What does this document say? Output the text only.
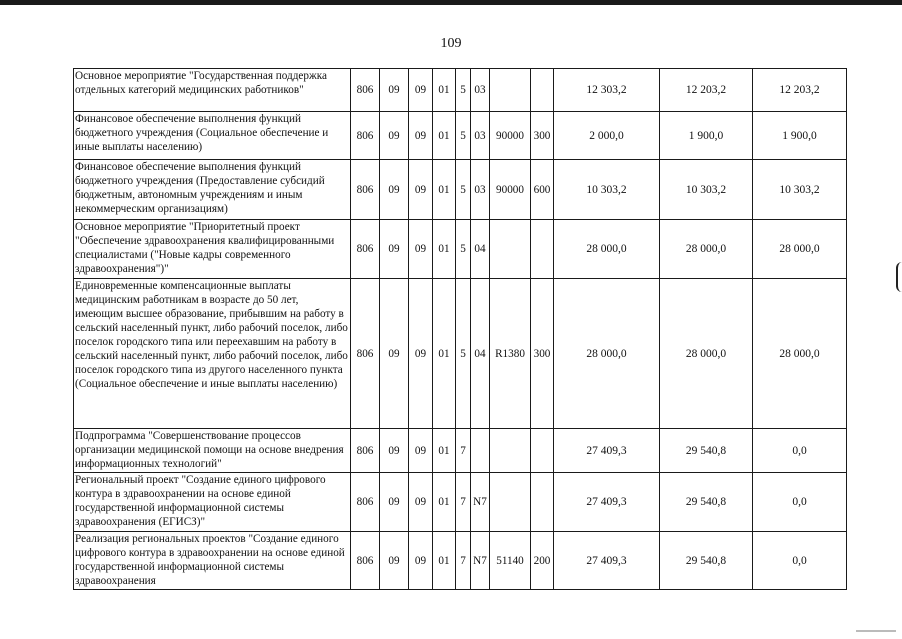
109
Основное мероприятие "Государственная поддержка отдельных категорий медицинских работников"	806	09	09	01	5	03			12 303,2	12 203,2	12 203,2
Финансовое обеспечение выполнения функций бюджетного учреждения (Социальное обеспечение и иные выплаты населению)	806	09	09	01	5	03	90000	300	2 000,0	1 900,0	1 900,0
Финансовое обеспечение выполнения функций бюджетного учреждения (Предоставление субсидий бюджетным, автономным учреждениям и иным некоммерческим организациям)	806	09	09	01	5	03	90000	600	10 303,2	10 303,2	10 303,2
Основное мероприятие "Приоритетный проект "Обеспечение здравоохранения квалифицированными специалистами ("Новые кадры современного здравоохранения")"	806	09	09	01	5	04			28 000,0	28 000,0	28 000,0
Единовременные компенсационные выплаты медицинским работникам в возрасте до 50 лет, имеющим высшее образование, прибывшим на работу в сельский населенный пункт, либо рабочий поселок, либо поселок городского типа или переехавшим на работу в сельский населенный пункт, либо рабочий поселок, либо поселок городского типа из другого населенного пункта (Социальное обеспечение и иные выплаты населению)	806	09	09	01	5	04	R1380	300	28 000,0	28 000,0	28 000,0
Подпрограмма "Совершенствование процессов организации медицинской помощи на основе внедрения информационных технологий"	806	09	09	01	7				27 409,3	29 540,8	0,0
Региональный проект "Создание единого цифрового контура в здравоохранении на основе единой государственной информационной системы здравоохранения (ЕГИСЗ)"	806	09	09	01	7	N7			27 409,3	29 540,8	0,0
Реализация региональных проектов "Создание единого цифрового контура в здравоохранении на основе единой государственной информационной системы здравоохранения	806	09	09	01	7	N7	51140	200	27 409,3	29 540,8	0,0
